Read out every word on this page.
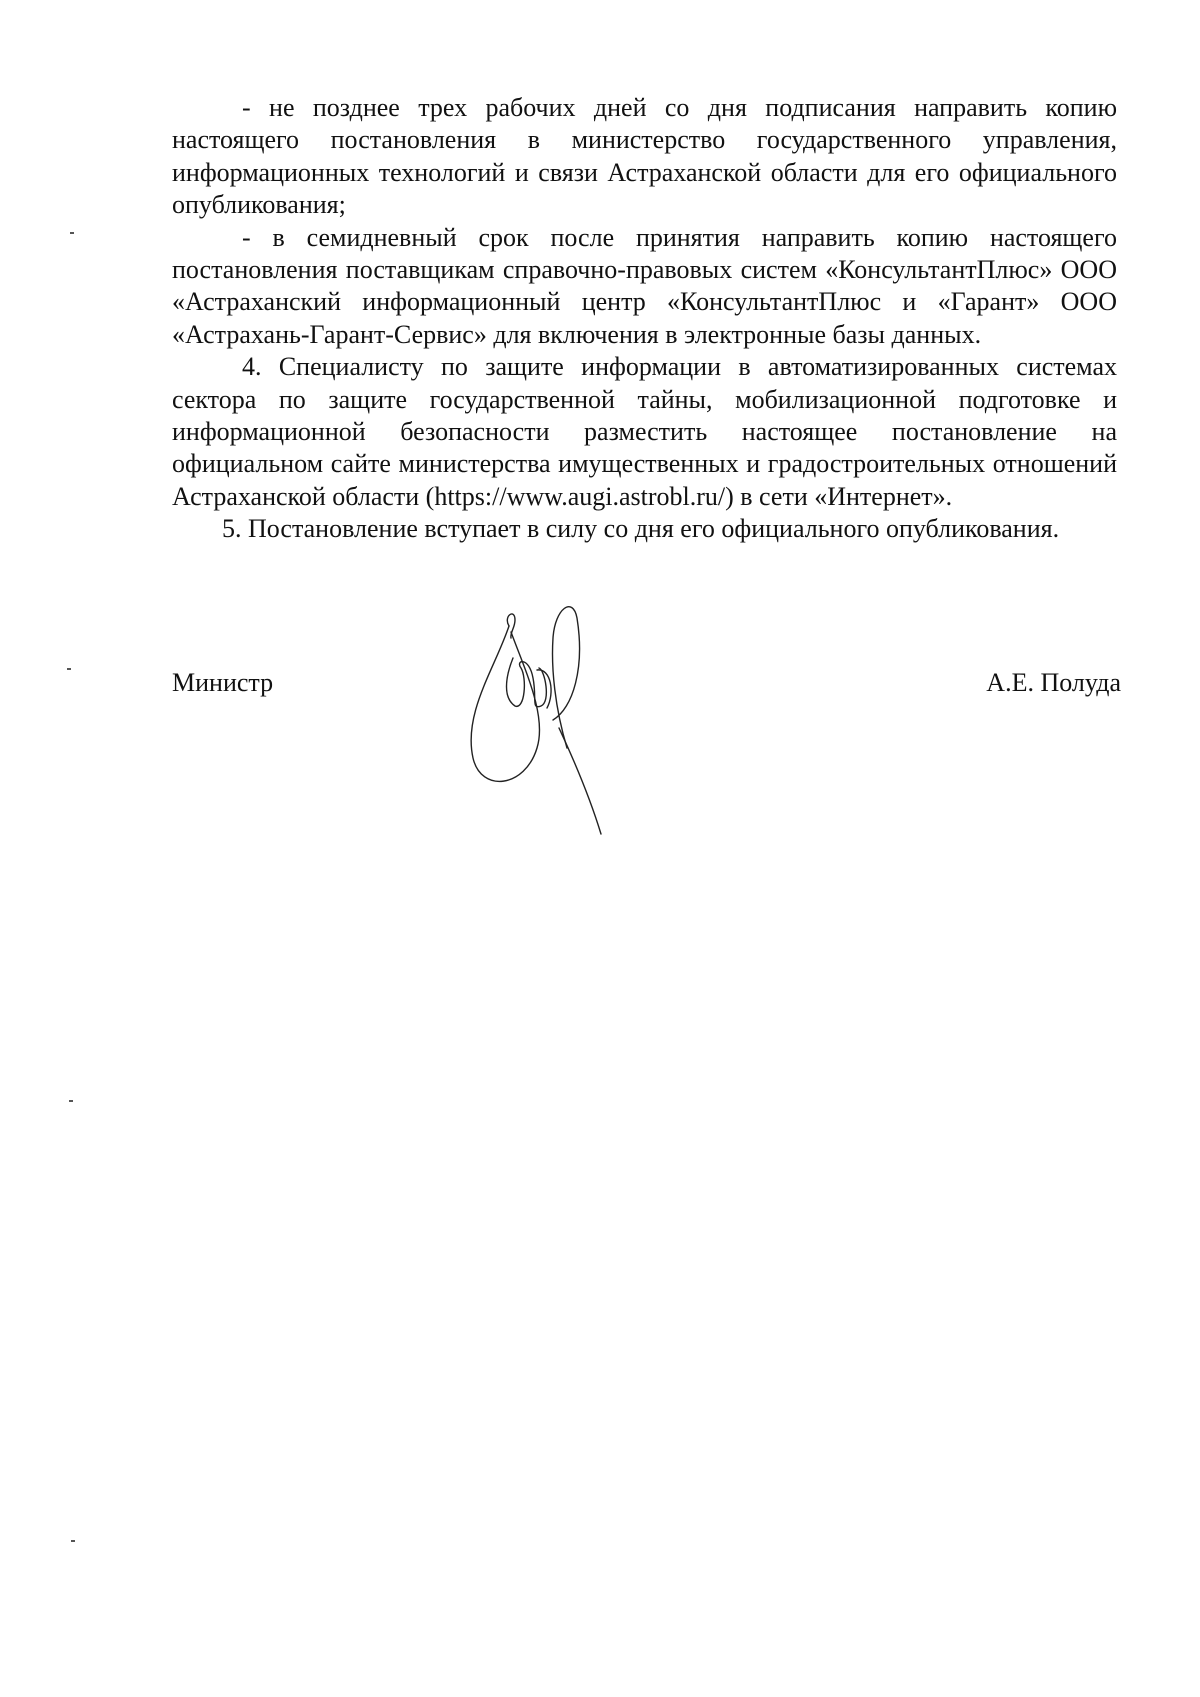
- не позднее трех рабочих дней со дня подписания направить копию настоящего постановления в министерство государственного управления, информационных технологий и связи Астраханской области для его официального опубликования;

- в семидневный срок после принятия направить копию настоящего постановления поставщикам справочно-правовых систем «КонсультантПлюс» ООО «Астраханский информационный центр «КонсультантПлюс и «Гарант» ООО «Астрахань-Гарант-Сервис» для включения в электронные базы данных.

4. Специалисту по защите информации в автоматизированных системах сектора по защите государственной тайны, мобилизационной подготовке и информационной безопасности разместить настоящее постановление на официальном сайте министерства имущественных и градостроительных отношений Астраханской области (https://www.augi.astrobl.ru/) в сети «Интернет».

5. Постановление вступает в силу со дня его официального опубликования.

Министр	А.Е. Полуда
